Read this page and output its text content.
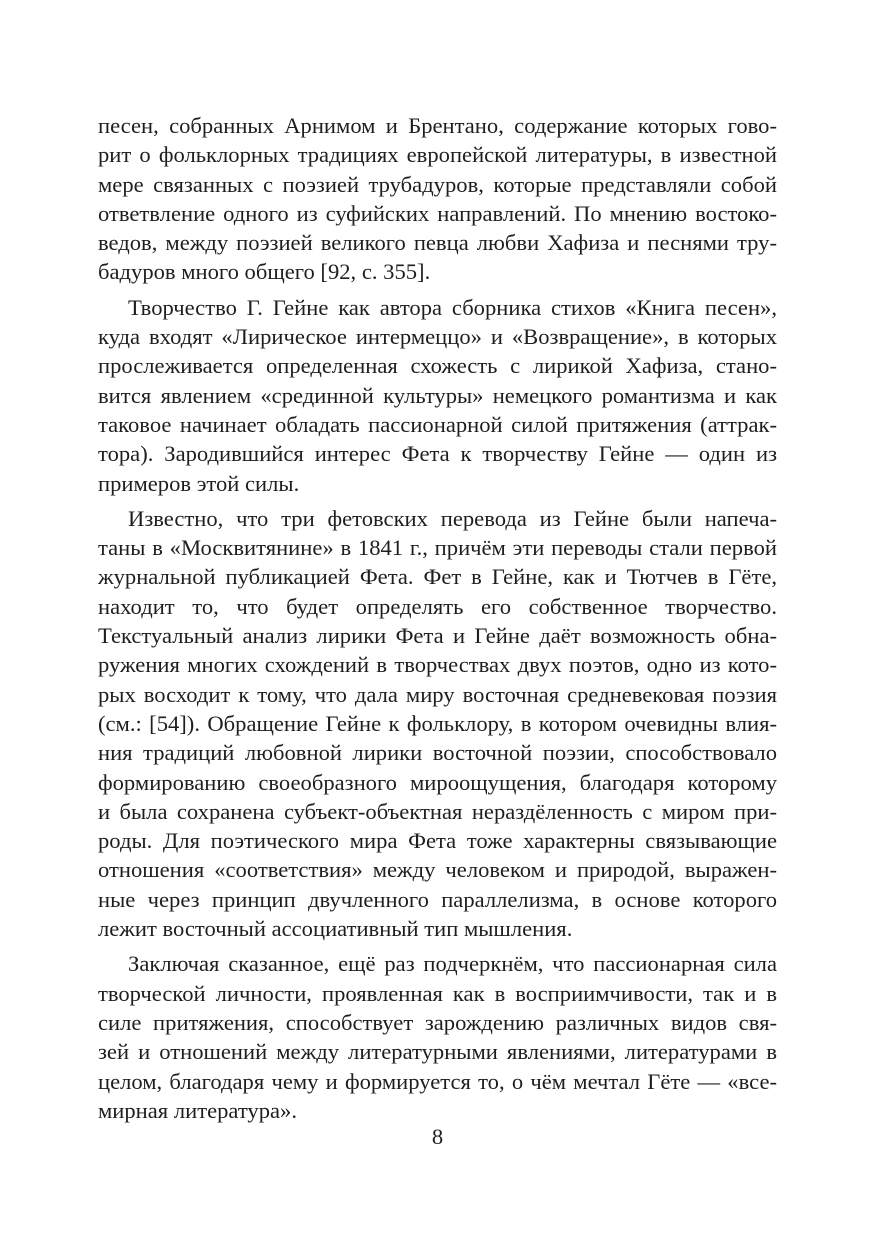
песен, собранных Арнимом и Брентано, содержание которых гово-
рит о фольклорных традициях европейской литературы, в известной
мере связанных с поэзией трубадуров, которые представляли собой
ответвление одного из суфийских направлений. По мнению востоко-
ведов, между поэзией великого певца любви Хафиза и песнями тру-
бадуров много общего [92, с. 355].
Творчество Г. Гейне как автора сборника стихов «Книга песен»,
куда входят «Лирическое интермеццо» и «Возвращение», в которых
прослеживается определенная схожесть с лирикой Хафиза, стано-
вится явлением «срединной культуры» немецкого романтизма и как
таковое начинает обладать пассионарной силой притяжения (аттрак-
тора). Зародившийся интерес Фета к творчеству Гейне — один из
примеров этой силы.
Известно, что три фетовских перевода из Гейне были напеча-
таны в «Москвитянине» в 1841 г., причём эти переводы стали первой
журнальной публикацией Фета. Фет в Гейне, как и Тютчев в Гёте,
находит то, что будет определять его собственное творчество.
Текстуальный анализ лирики Фета и Гейне даёт возможность обна-
ружения многих схождений в творчествах двух поэтов, одно из кото-
рых восходит к тому, что дала миру восточная средневековая поэзия
(см.: [54]). Обращение Гейне к фольклору, в котором очевидны влия-
ния традиций любовной лирики восточной поэзии, способствовало
формированию своеобразного мироощущения, благодаря которому
и была сохранена субъект-объектная нераздёленность с миром при-
роды. Для поэтического мира Фета тоже характерны связывающие
отношения «соответствия» между человеком и природой, выражен-
ные через принцип двучленного параллелизма, в основе которого
лежит восточный ассоциативный тип мышления.
Заключая сказанное, ещё раз подчеркнём, что пассионарная сила
творческой личности, проявленная как в восприимчивости, так и в
силе притяжения, способствует зарождению различных видов свя-
зей и отношений между литературными явлениями, литературами в
целом, благодаря чему и формируется то, о чём мечтал Гёте — «все-
мирная литература».
8
